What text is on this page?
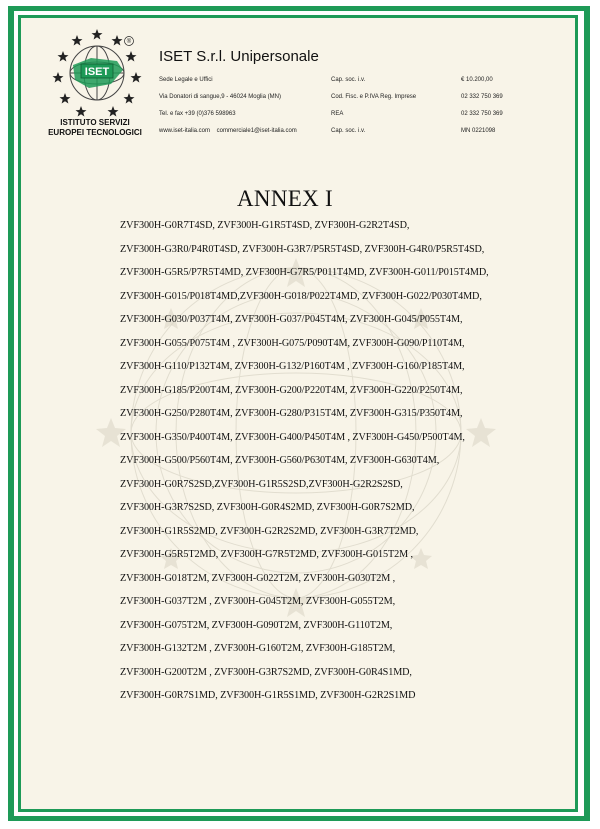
ISET
®
ISTITUTO SERVIZI
EUROPEI TECNOLOGICI
ISET S.r.l. Unipersonale
Sede Legale e Uffici
Via Donatori di sangue,9 - 46024 Moglia (MN)
Tel. e fax +39 (0)376 598963
www.iset-italia.com    commerciale1@iset-italia.com
Cap. soc. i.v.
Cod. Fisc. e P.IVA Reg. Imprese
REA
Cap. soc. i.v.
€ 10.200,00
02 332 750 369
02 332 750 369
MN 0221098
ANNEX I
ZVF300H-G0R7T4SD, ZVF300H-G1R5T4SD, ZVF300H-G2R2T4SD,
ZVF300H-G3R0/P4R0T4SD, ZVF300H-G3R7/P5R5T4SD, ZVF300H-G4R0/P5R5T4SD,
ZVF300H-G5R5/P7R5T4MD, ZVF300H-G7R5/P011T4MD, ZVF300H-G011/P015T4MD,
ZVF300H-G015/P018T4MD,ZVF300H-G018/P022T4MD, ZVF300H-G022/P030T4MD,
ZVF300H-G030/P037T4M, ZVF300H-G037/P045T4M, ZVF300H-G045/P055T4M,
ZVF300H-G055/P075T4M , ZVF300H-G075/P090T4M, ZVF300H-G090/P110T4M,
ZVF300H-G110/P132T4M, ZVF300H-G132/P160T4M , ZVF300H-G160/P185T4M,
ZVF300H-G185/P200T4M, ZVF300H-G200/P220T4M, ZVF300H-G220/P250T4M,
ZVF300H-G250/P280T4M, ZVF300H-G280/P315T4M, ZVF300H-G315/P350T4M,
ZVF300H-G350/P400T4M, ZVF300H-G400/P450T4M , ZVF300H-G450/P500T4M,
ZVF300H-G500/P560T4M, ZVF300H-G560/P630T4M, ZVF300H-G630T4M,
ZVF300H-G0R7S2SD,ZVF300H-G1R5S2SD,ZVF300H-G2R2S2SD,
ZVF300H-G3R7S2SD, ZVF300H-G0R4S2MD, ZVF300H-G0R7S2MD,
ZVF300H-G1R5S2MD, ZVF300H-G2R2S2MD, ZVF300H-G3R7T2MD,
ZVF300H-G5R5T2MD, ZVF300H-G7R5T2MD, ZVF300H-G015T2M ,
ZVF300H-G018T2M, ZVF300H-G022T2M, ZVF300H-G030T2M ,
ZVF300H-G037T2M , ZVF300H-G045T2M, ZVF300H-G055T2M,
ZVF300H-G075T2M, ZVF300H-G090T2M, ZVF300H-G110T2M,
ZVF300H-G132T2M , ZVF300H-G160T2M, ZVF300H-G185T2M,
ZVF300H-G200T2M , ZVF300H-G3R7S2MD, ZVF300H-G0R4S1MD,
ZVF300H-G0R7S1MD, ZVF300H-G1R5S1MD, ZVF300H-G2R2S1MD
